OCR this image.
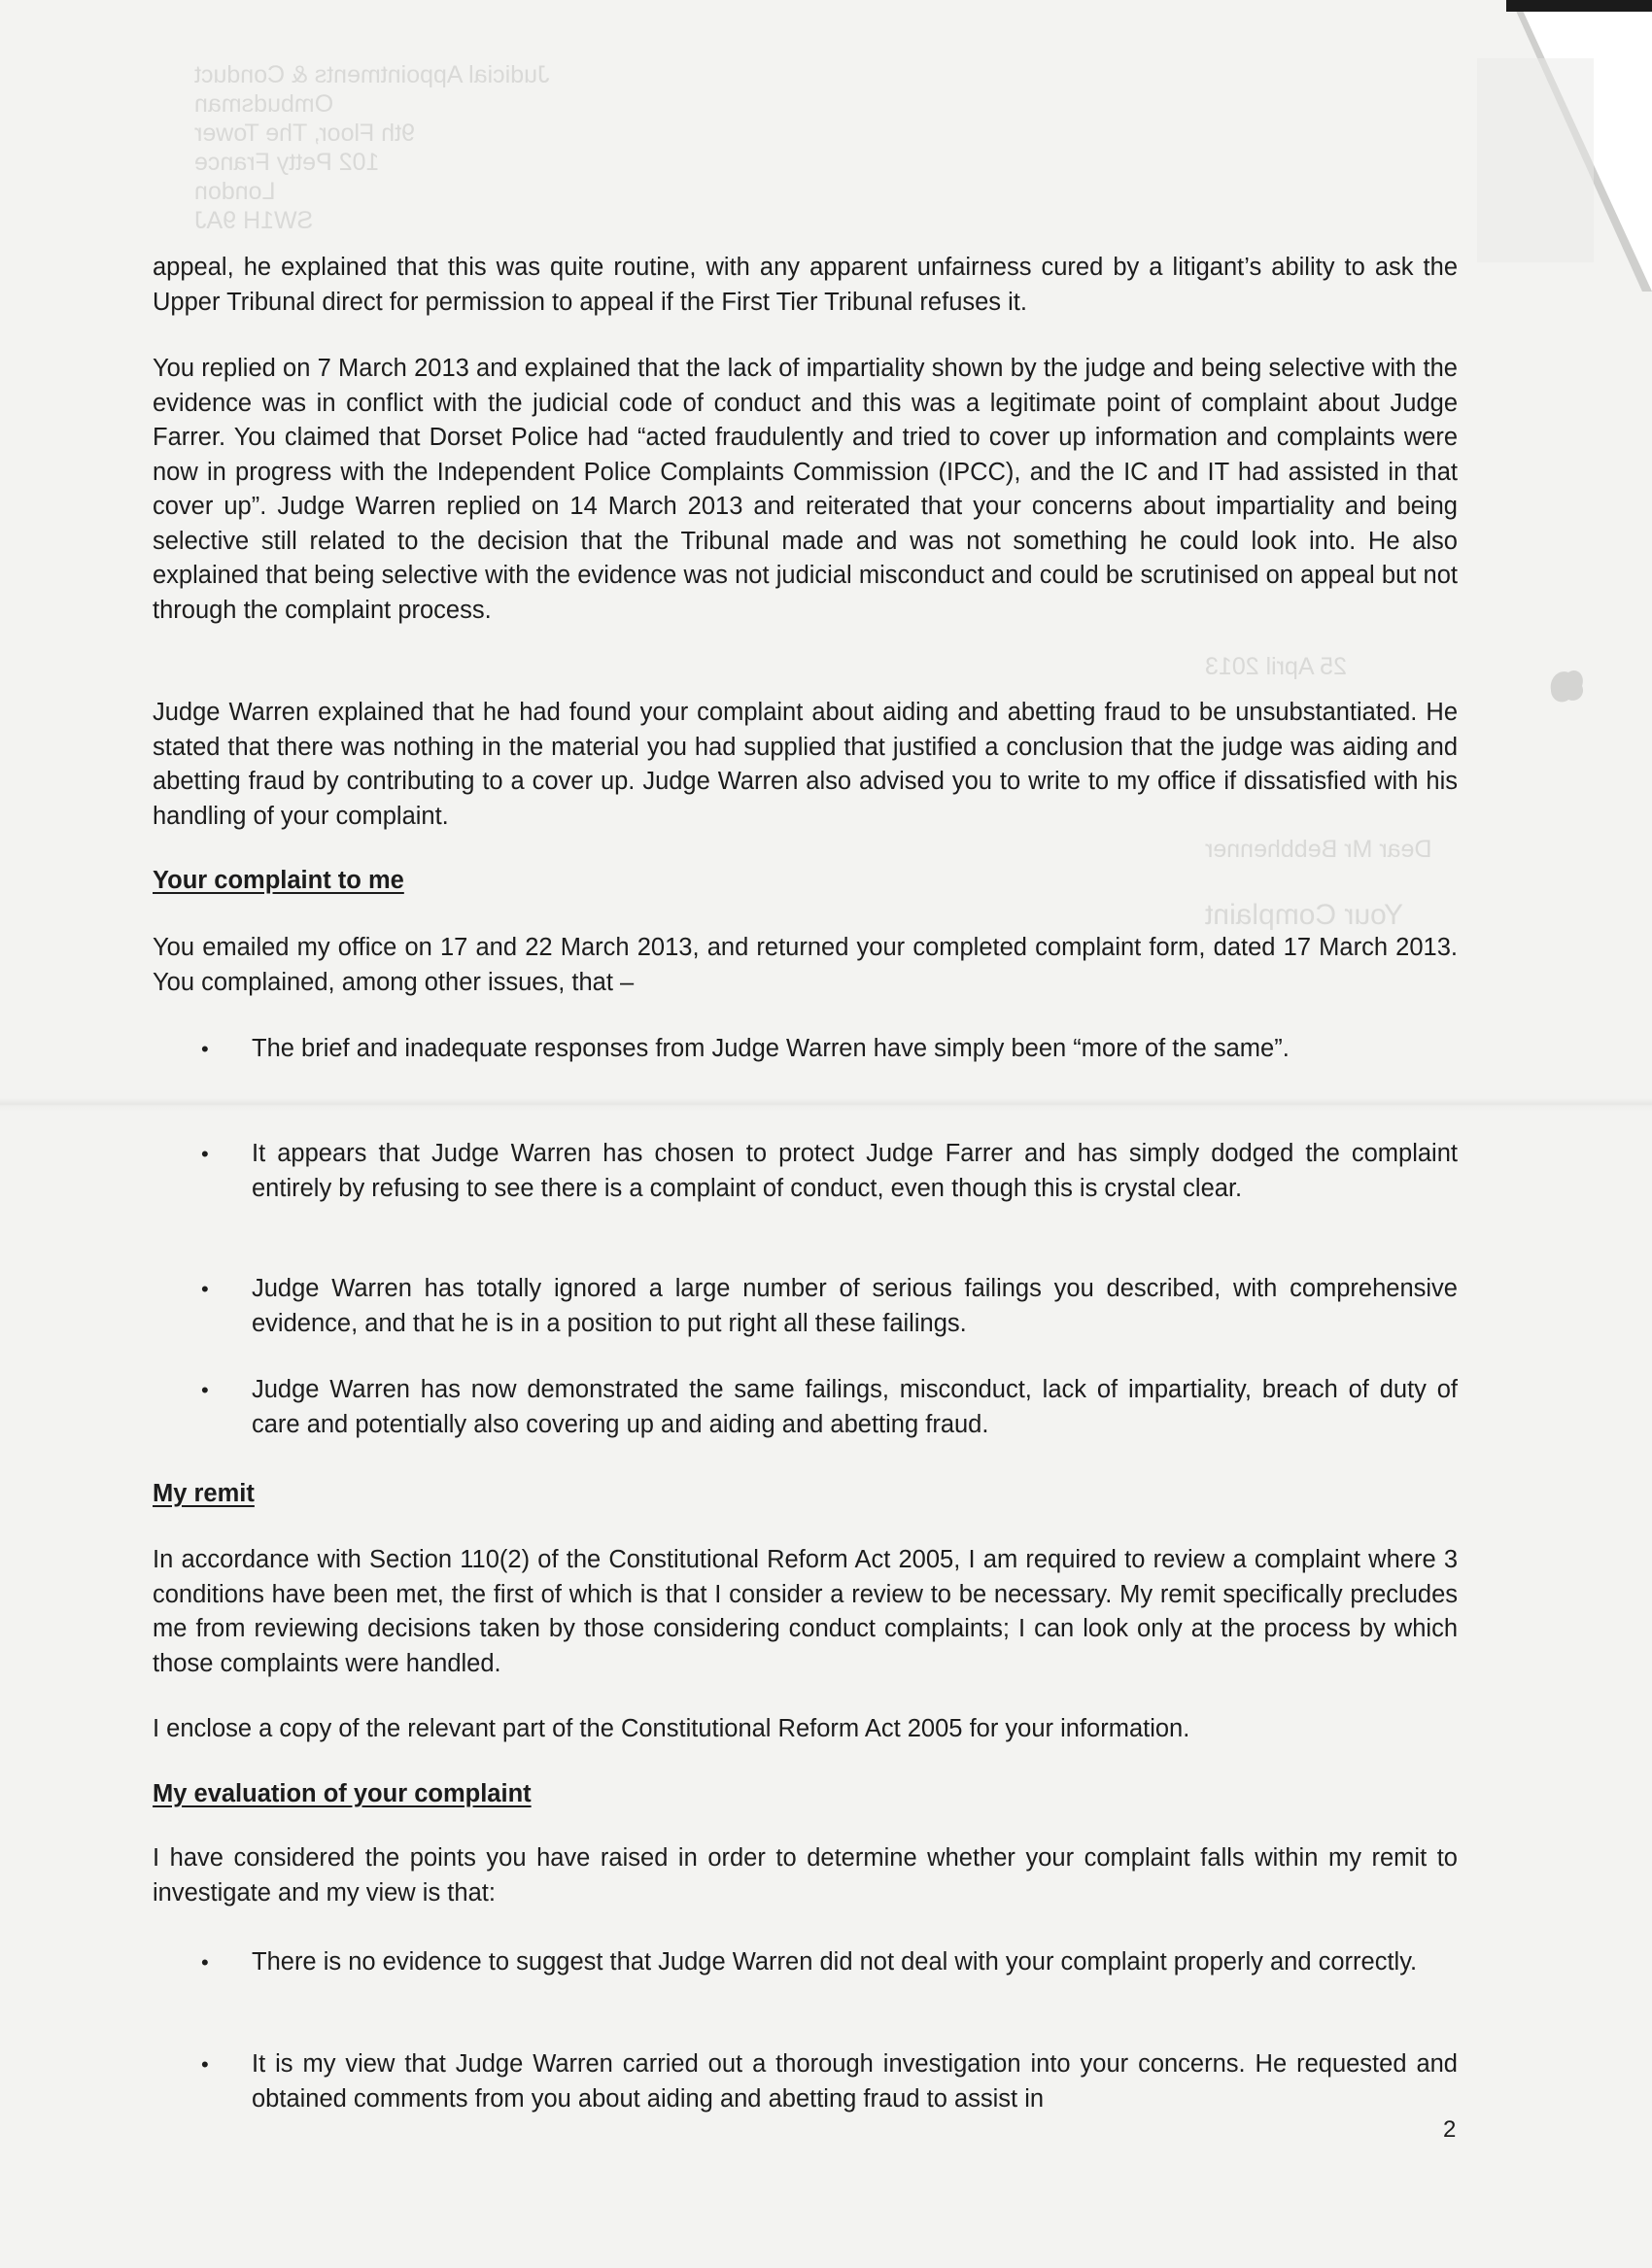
Judicial Appointments & Conduct
Ombudsman
9th Floor, The Tower
102 Petty France
London
SW1H 9AJ
25 April 2013
Dear Mr Bebbhenner
Your Complaint

appeal, he explained that this was quite routine, with any apparent unfairness cured by a litigant’s ability to ask the Upper Tribunal direct for permission to appeal if the First Tier Tribunal refuses it.

You replied on 7 March 2013 and explained that the lack of impartiality shown by the judge and being selective with the evidence was in conflict with the judicial code of conduct and this was a legitimate point of complaint about Judge Farrer. You claimed that Dorset Police had “acted fraudulently and tried to cover up information and complaints were now in progress with the Independent Police Complaints Commission (IPCC), and the IC and IT had assisted in that cover up”. Judge Warren replied on 14 March 2013 and reiterated that your concerns about impartiality and being selective still related to the decision that the Tribunal made and was not something he could look into. He also explained that being selective with the evidence was not judicial misconduct and could be scrutinised on appeal but not through the complaint process.

Judge Warren explained that he had found your complaint about aiding and abetting fraud to be unsubstantiated. He stated that there was nothing in the material you had supplied that justified a conclusion that the judge was aiding and abetting fraud by contributing to a cover up. Judge Warren also advised you to write to my office if dissatisfied with his handling of your complaint.

Your complaint to me

You emailed my office on 17 and 22 March 2013, and returned your completed complaint form, dated 17 March 2013. You complained, among other issues, that –

• The brief and inadequate responses from Judge Warren have simply been “more of the same”.
• It appears that Judge Warren has chosen to protect Judge Farrer and has simply dodged the complaint entirely by refusing to see there is a complaint of conduct, even though this is crystal clear.
• Judge Warren has totally ignored a large number of serious failings you described, with comprehensive evidence, and that he is in a position to put right all these failings.
• Judge Warren has now demonstrated the same failings, misconduct, lack of impartiality, breach of duty of care and potentially also covering up and aiding and abetting fraud.
My remit

In accordance with Section 110(2) of the Constitutional Reform Act 2005, I am required to review a complaint where 3 conditions have been met, the first of which is that I consider a review to be necessary. My remit specifically precludes me from reviewing decisions taken by those considering conduct complaints; I can look only at the process by which those complaints were handled.

I enclose a copy of the relevant part of the Constitutional Reform Act 2005 for your information.

My evaluation of your complaint

I have considered the points you have raised in order to determine whether your complaint falls within my remit to investigate and my view is that:

• There is no evidence to suggest that Judge Warren did not deal with your complaint properly and correctly.
• It is my view that Judge Warren carried out a thorough investigation into your concerns. He requested and obtained comments from you about aiding and abetting fraud to assist in
2
